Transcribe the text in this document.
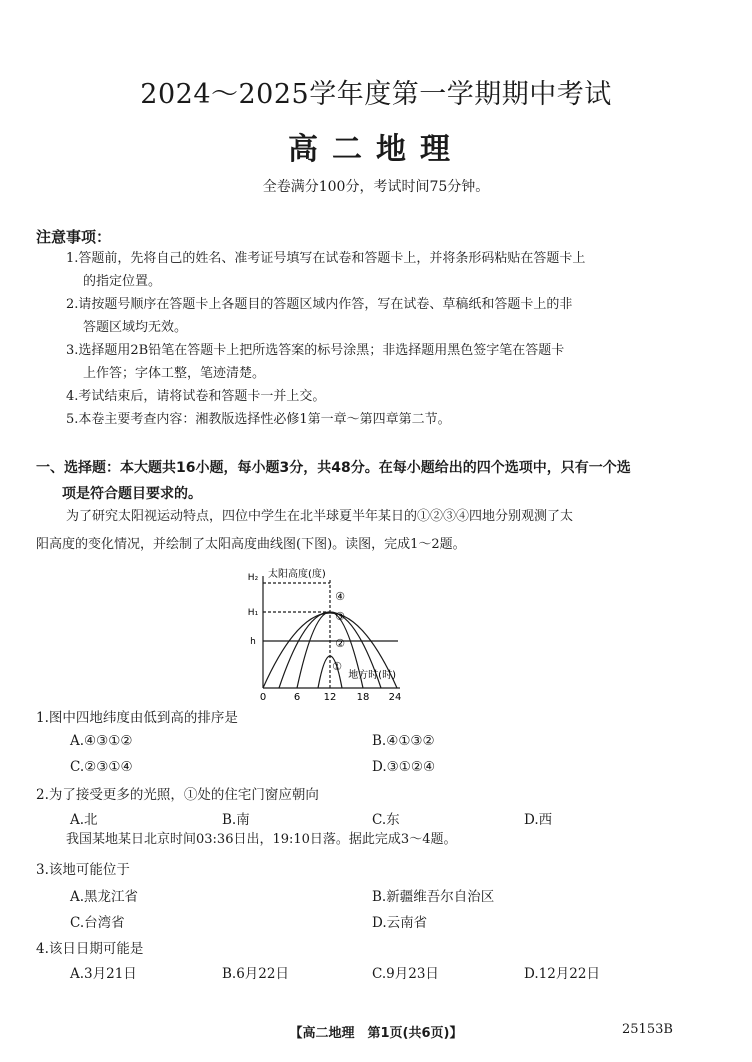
2024～2025学年度第一学期期中考试
高二地理
全卷满分100分，考试时间75分钟。
注意事项：
1.答题前，先将自己的姓名、准考证号填写在试卷和答题卡上，并将条形码粘贴在答题卡上
的指定位置。
2.请按题号顺序在答题卡上各题目的答题区域内作答，写在试卷、草稿纸和答题卡上的非
答题区域均无效。
3.选择题用2B铅笔在答题卡上把所选答案的标号涂黑；非选择题用黑色签字笔在答题卡
上作答；字体工整，笔迹清楚。
4.考试结束后，请将试卷和答题卡一并上交。
5.本卷主要考查内容：湘教版选择性必修1第一章～第四章第二节。
一、选择题：本大题共16小题，每小题3分，共48分。在每小题给出的四个选项中，只有一个选
项是符合题目要求的。
为了研究太阳视运动特点，四位中学生在北半球夏半年某日的①②③④四地分别观测了太
阳高度的变化情况，并绘制了太阳高度曲线图(下图)。读图，完成1～2题。
H₂
H₁
h
太阳高度(度)
地方时(时)
0	6 12 18 24
④
③
②
①
1.图中四地纬度由低到高的排序是
A.④③①②	B.④①③②
C.②③①④	D.③①②④
2.为了接受更多的光照，①处的住宅门窗应朝向
A.北	B.南	C.东	D.西
我国某地某日北京时间03:36日出，19:10日落。据此完成3～4题。
3.该地可能位于
A.黑龙江省	B.新疆维吾尔自治区
C.台湾省	D.云南省
4.该日日期可能是
A.3月21日	B.6月22日	C.9月23日	D.12月22日
【高二地理　第1页(共6页)】	25153B
